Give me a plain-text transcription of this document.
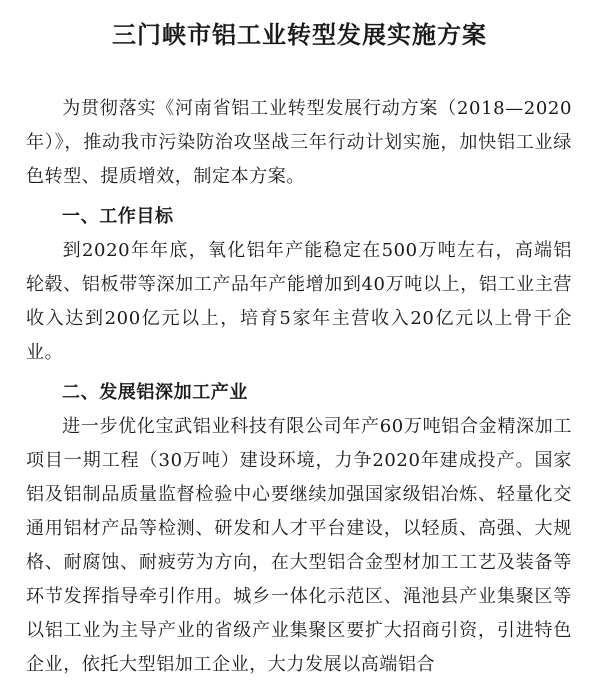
三门峡市铝工业转型发展实施方案

为贯彻落实《河南省铝工业转型发展行动方案（2018—2020年）》，推动我市污染防治攻坚战三年行动计划实施，加快铝工业绿色转型、提质增效，制定本方案。

一、工作目标

到2020年年底，氧化铝年产能稳定在500万吨左右，高端铝轮毂、铝板带等深加工产品年产能增加到40万吨以上，铝工业主营收入达到200亿元以上，培育5家年主营收入20亿元以上骨干企业。

二、发展铝深加工产业

进一步优化宝武铝业科技有限公司年产60万吨铝合金精深加工项目一期工程（30万吨）建设环境，力争2020年建成投产。国家铝及铝制品质量监督检验中心要继续加强国家级铝冶炼、轻量化交通用铝材产品等检测、研发和人才平台建设，以轻质、高强、大规格、耐腐蚀、耐疲劳为方向，在大型铝合金型材加工工艺及装备等环节发挥指导牵引作用。城乡一体化示范区、渑池县产业集聚区等以铝工业为主导产业的省级产业集聚区要扩大招商引资，引进特色企业，依托大型铝加工企业，大力发展以高端铝合
